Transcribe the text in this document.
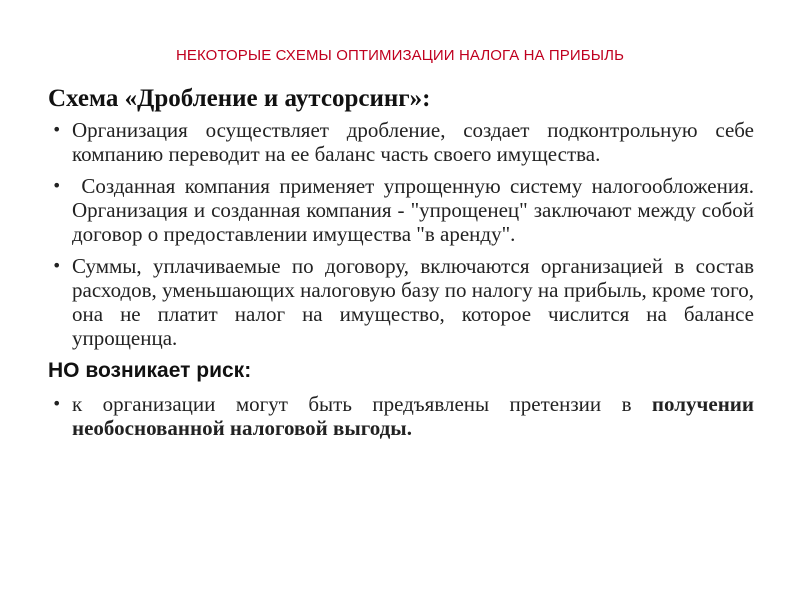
НЕКОТОРЫЕ СХЕМЫ ОПТИМИЗАЦИИ НАЛОГА НА ПРИБЫЛЬ
Схема «Дробление и аутсорсинг»:
• Организация осуществляет дробление, создает подконтрольную себе компанию переводит на ее баланс часть своего имущества.
• Созданная компания применяет упрощенную систему налогообложения. Организация и созданная компания - "упрощенец" заключают между собой договор о предоставлении имущества "в аренду".
• Суммы, уплачиваемые по договору, включаются организацией в состав расходов, уменьшающих налоговую базу по налогу на прибыль, кроме того, она не платит налог на имущество, которое числится на балансе упрощенца.
НО возникает риск:
• к организации могут быть предъявлены претензии в получении необоснованной налоговой выгоды.
